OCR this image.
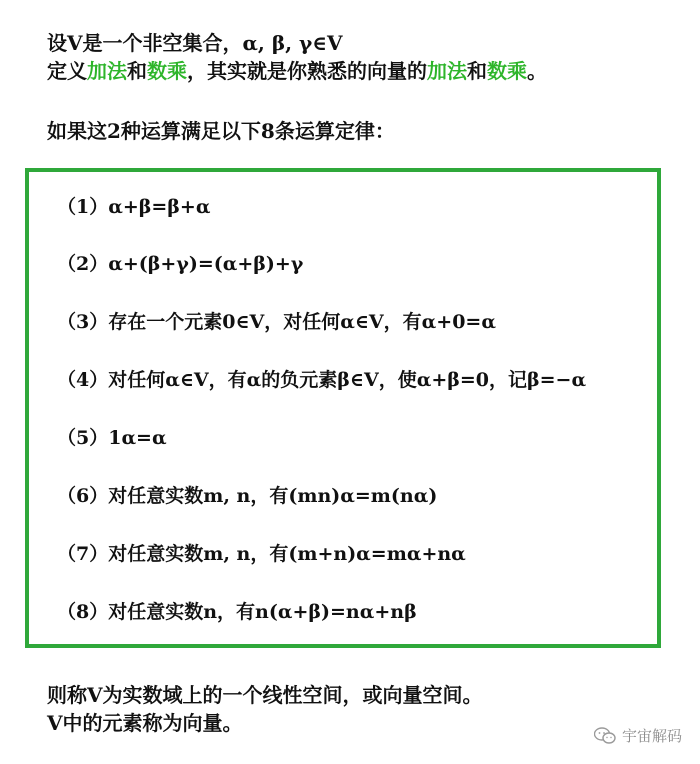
设V是一个非空集合，α, β, γ∈V
定义加法和数乘，其实就是你熟悉的向量的加法和数乘。
如果这2种运算满足以下8条运算定律：
（1）α+β=β+α
（2）α+(β+γ)=(α+β)+γ
（3）存在一个元素0∈V，对任何α∈V，有α+0=α
（4）对任何α∈V，有α的负元素β∈V，使α+β=0，记β=−α
（5）1α=α
（6）对任意实数m, n，有(mn)α=m(nα)
（7）对任意实数m, n，有(m+n)α=mα+nα
（8）对任意实数n，有n(α+β)=nα+nβ
则称V为实数域上的一个线性空间，或向量空间。
V中的元素称为向量。
宇宙解码
